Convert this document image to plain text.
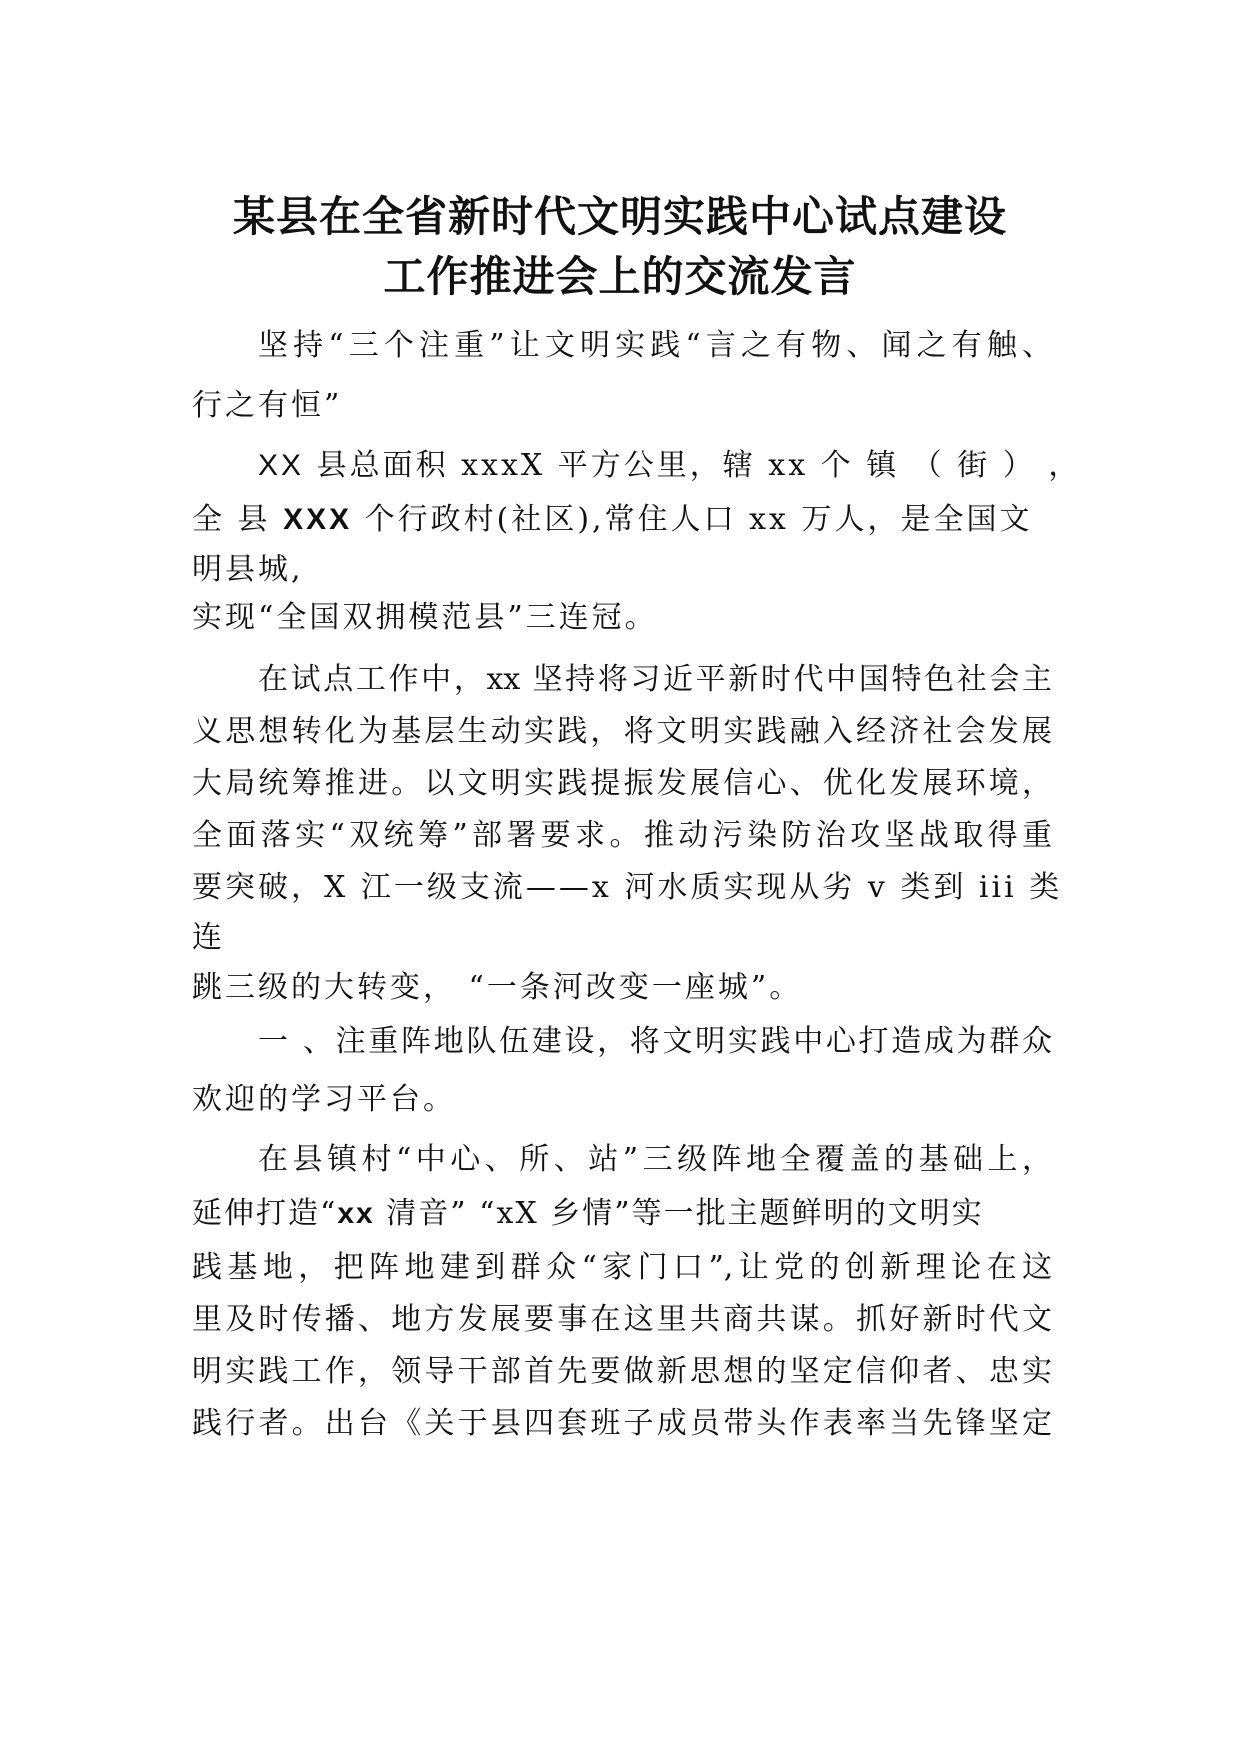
某县在全省新时代文明实践中心试点建设
工作推进会上的交流发言
坚持“三个注重”让文明实践“言之有物、闻之有触、
行之有恒”
XX 县总面积 xxxX 平方公里，辖 xx 个 镇 （ 街 ） ，
全 县 XXX 个行政村(社区),常住人口 xx 万人，是全国文
明县城,
实现“全国双拥模范县”三连冠。
在试点工作中，xx 坚持将习近平新时代中国特色社会主
义思想转化为基层生动实践，将文明实践融入经济社会发展
大局统筹推进。以文明实践提振发展信心、优化发展环境，
全面落实“双统筹”部署要求。推动污染防治攻坚战取得重
要突破，X 江一级支流——x 河水质实现从劣 v 类到 iii 类
连
跳三级的大转变， “一条河改变一座城”。
一 、注重阵地队伍建设，将文明实践中心打造成为群众
欢迎的学习平台。
在县镇村“中心、所、站”三级阵地全覆盖的基础上，
延伸打造“xx 清音” “xX 乡情”等一批主题鲜明的文明实
践基地，把阵地建到群众“家门口”,让党的创新理论在这
里及时传播、地方发展要事在这里共商共谋。抓好新时代文
明实践工作，领导干部首先要做新思想的坚定信仰者、忠实
践行者。出台《关于县四套班子成员带头作表率当先锋坚定
